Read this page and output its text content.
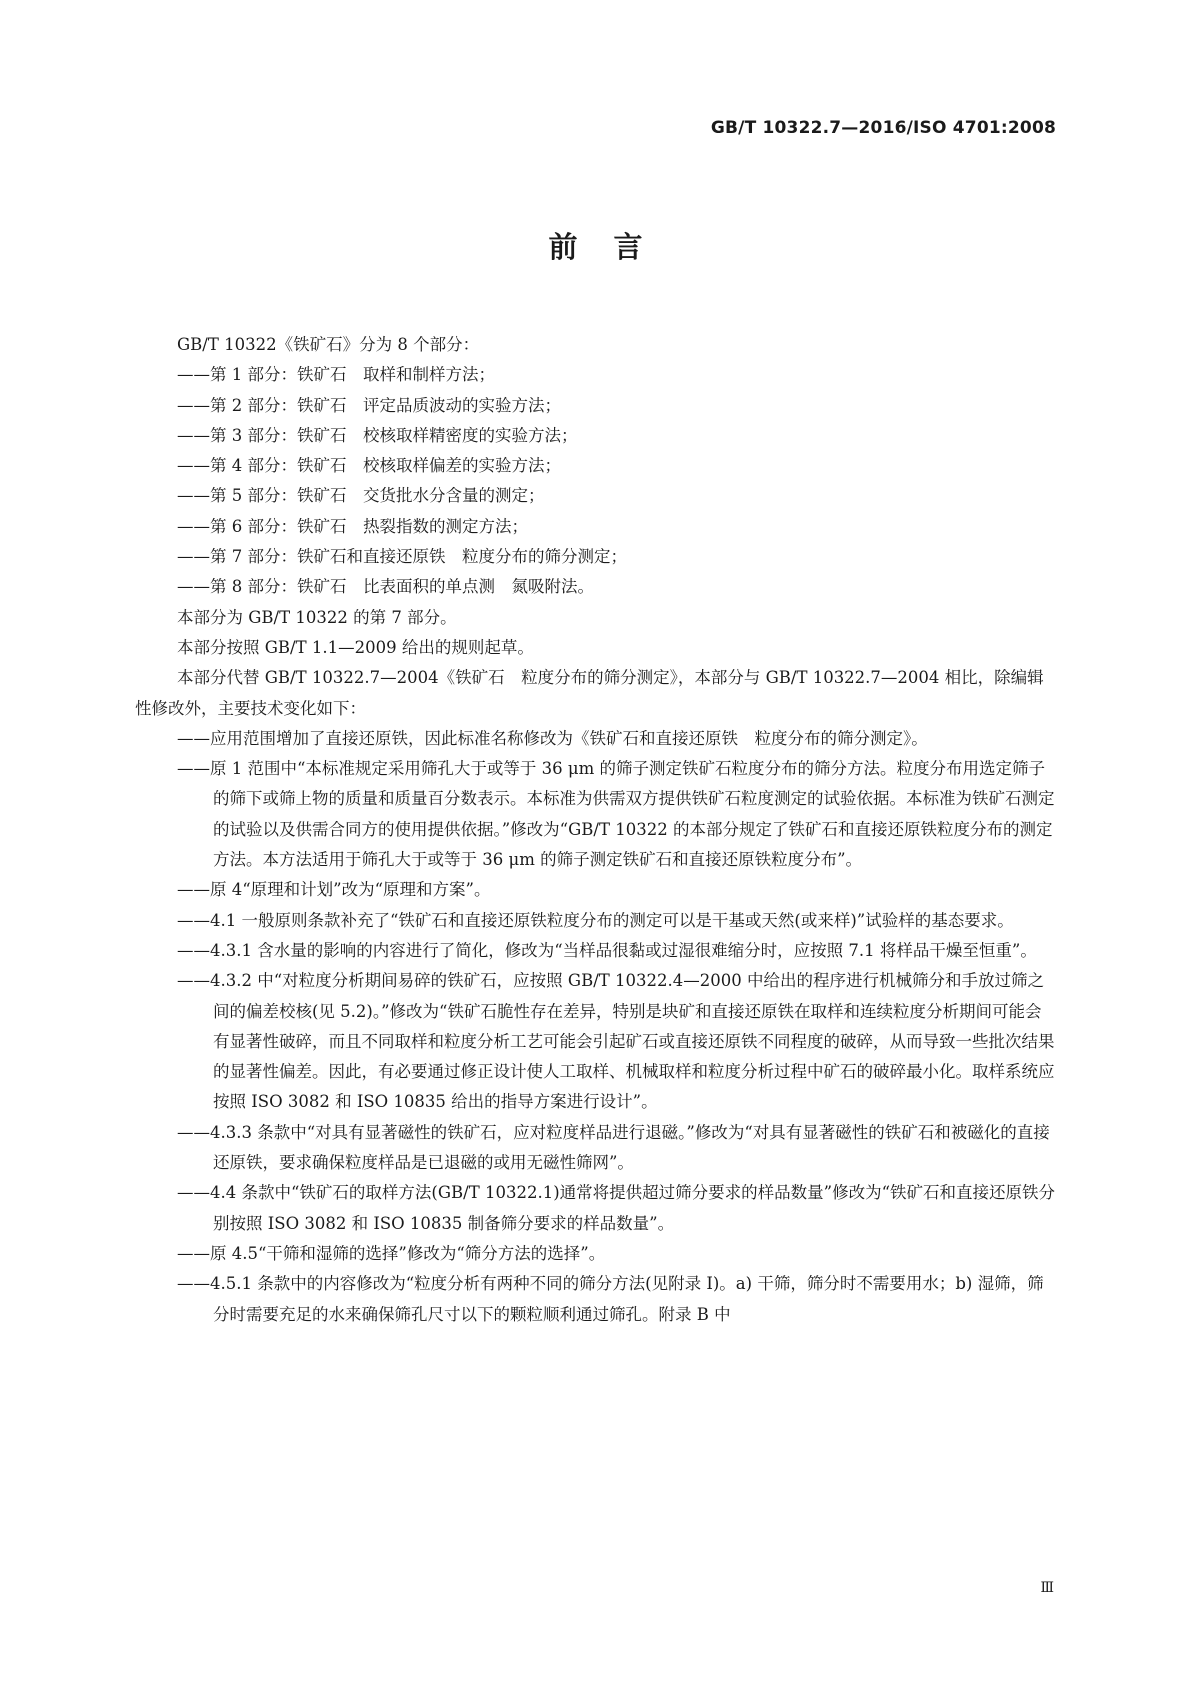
GB/T 10322.7—2016/ISO 4701:2008
前言

GB/T 10322《铁矿石》分为 8 个部分：

——第 1 部分：铁矿石　取样和制样方法；

——第 2 部分：铁矿石　评定品质波动的实验方法；

——第 3 部分：铁矿石　校核取样精密度的实验方法；

——第 4 部分：铁矿石　校核取样偏差的实验方法；

——第 5 部分：铁矿石　交货批水分含量的测定；

——第 6 部分：铁矿石　热裂指数的测定方法；

——第 7 部分：铁矿石和直接还原铁　粒度分布的筛分测定；

——第 8 部分：铁矿石　比表面积的单点测　氮吸附法。

本部分为 GB/T 10322 的第 7 部分。

本部分按照 GB/T 1.1—2009 给出的规则起草。

本部分代替 GB/T 10322.7—2004《铁矿石　粒度分布的筛分测定》，本部分与 GB/T 10322.7—2004 相比，除编辑性修改外，主要技术变化如下：

——应用范围增加了直接还原铁，因此标准名称修改为《铁矿石和直接还原铁　粒度分布的筛分测定》。

——原 1 范围中“本标准规定采用筛孔大于或等于 36 μm 的筛子测定铁矿石粒度分布的筛分方法。粒度分布用选定筛子的筛下或筛上物的质量和质量百分数表示。本标准为供需双方提供铁矿石粒度测定的试验依据。本标准为铁矿石测定的试验以及供需合同方的使用提供依据。”修改为“GB/T 10322 的本部分规定了铁矿石和直接还原铁粒度分布的测定方法。本方法适用于筛孔大于或等于 36 μm 的筛子测定铁矿石和直接还原铁粒度分布”。

——原 4“原理和计划”改为“原理和方案”。

——4.1 一般原则条款补充了“铁矿石和直接还原铁粒度分布的测定可以是干基或天然(或来样)”试验样的基态要求。

——4.3.1 含水量的影响的内容进行了简化，修改为“当样品很黏或过湿很难缩分时，应按照 7.1 将样品干燥至恒重”。

——4.3.2 中“对粒度分析期间易碎的铁矿石，应按照 GB/T 10322.4—2000 中给出的程序进行机械筛分和手放过筛之间的偏差校核(见 5.2)。”修改为“铁矿石脆性存在差异，特别是块矿和直接还原铁在取样和连续粒度分析期间可能会有显著性破碎，而且不同取样和粒度分析工艺可能会引起矿石或直接还原铁不同程度的破碎，从而导致一些批次结果的显著性偏差。因此，有必要通过修正设计使人工取样、机械取样和粒度分析过程中矿石的破碎最小化。取样系统应按照 ISO 3082 和 ISO 10835 给出的指导方案进行设计”。

——4.3.3 条款中“对具有显著磁性的铁矿石，应对粒度样品进行退磁。”修改为“对具有显著磁性的铁矿石和被磁化的直接还原铁，要求确保粒度样品是已退磁的或用无磁性筛网”。

——4.4 条款中“铁矿石的取样方法(GB/T 10322.1)通常将提供超过筛分要求的样品数量”修改为“铁矿石和直接还原铁分别按照 ISO 3082 和 ISO 10835 制备筛分要求的样品数量”。

——原 4.5“干筛和湿筛的选择”修改为“筛分方法的选择”。

——4.5.1 条款中的内容修改为“粒度分析有两种不同的筛分方法(见附录 I)。a) 干筛，筛分时不需要用水；b) 湿筛，筛分时需要充足的水来确保筛孔尺寸以下的颗粒顺利通过筛孔。附录 B 中

Ⅲ
